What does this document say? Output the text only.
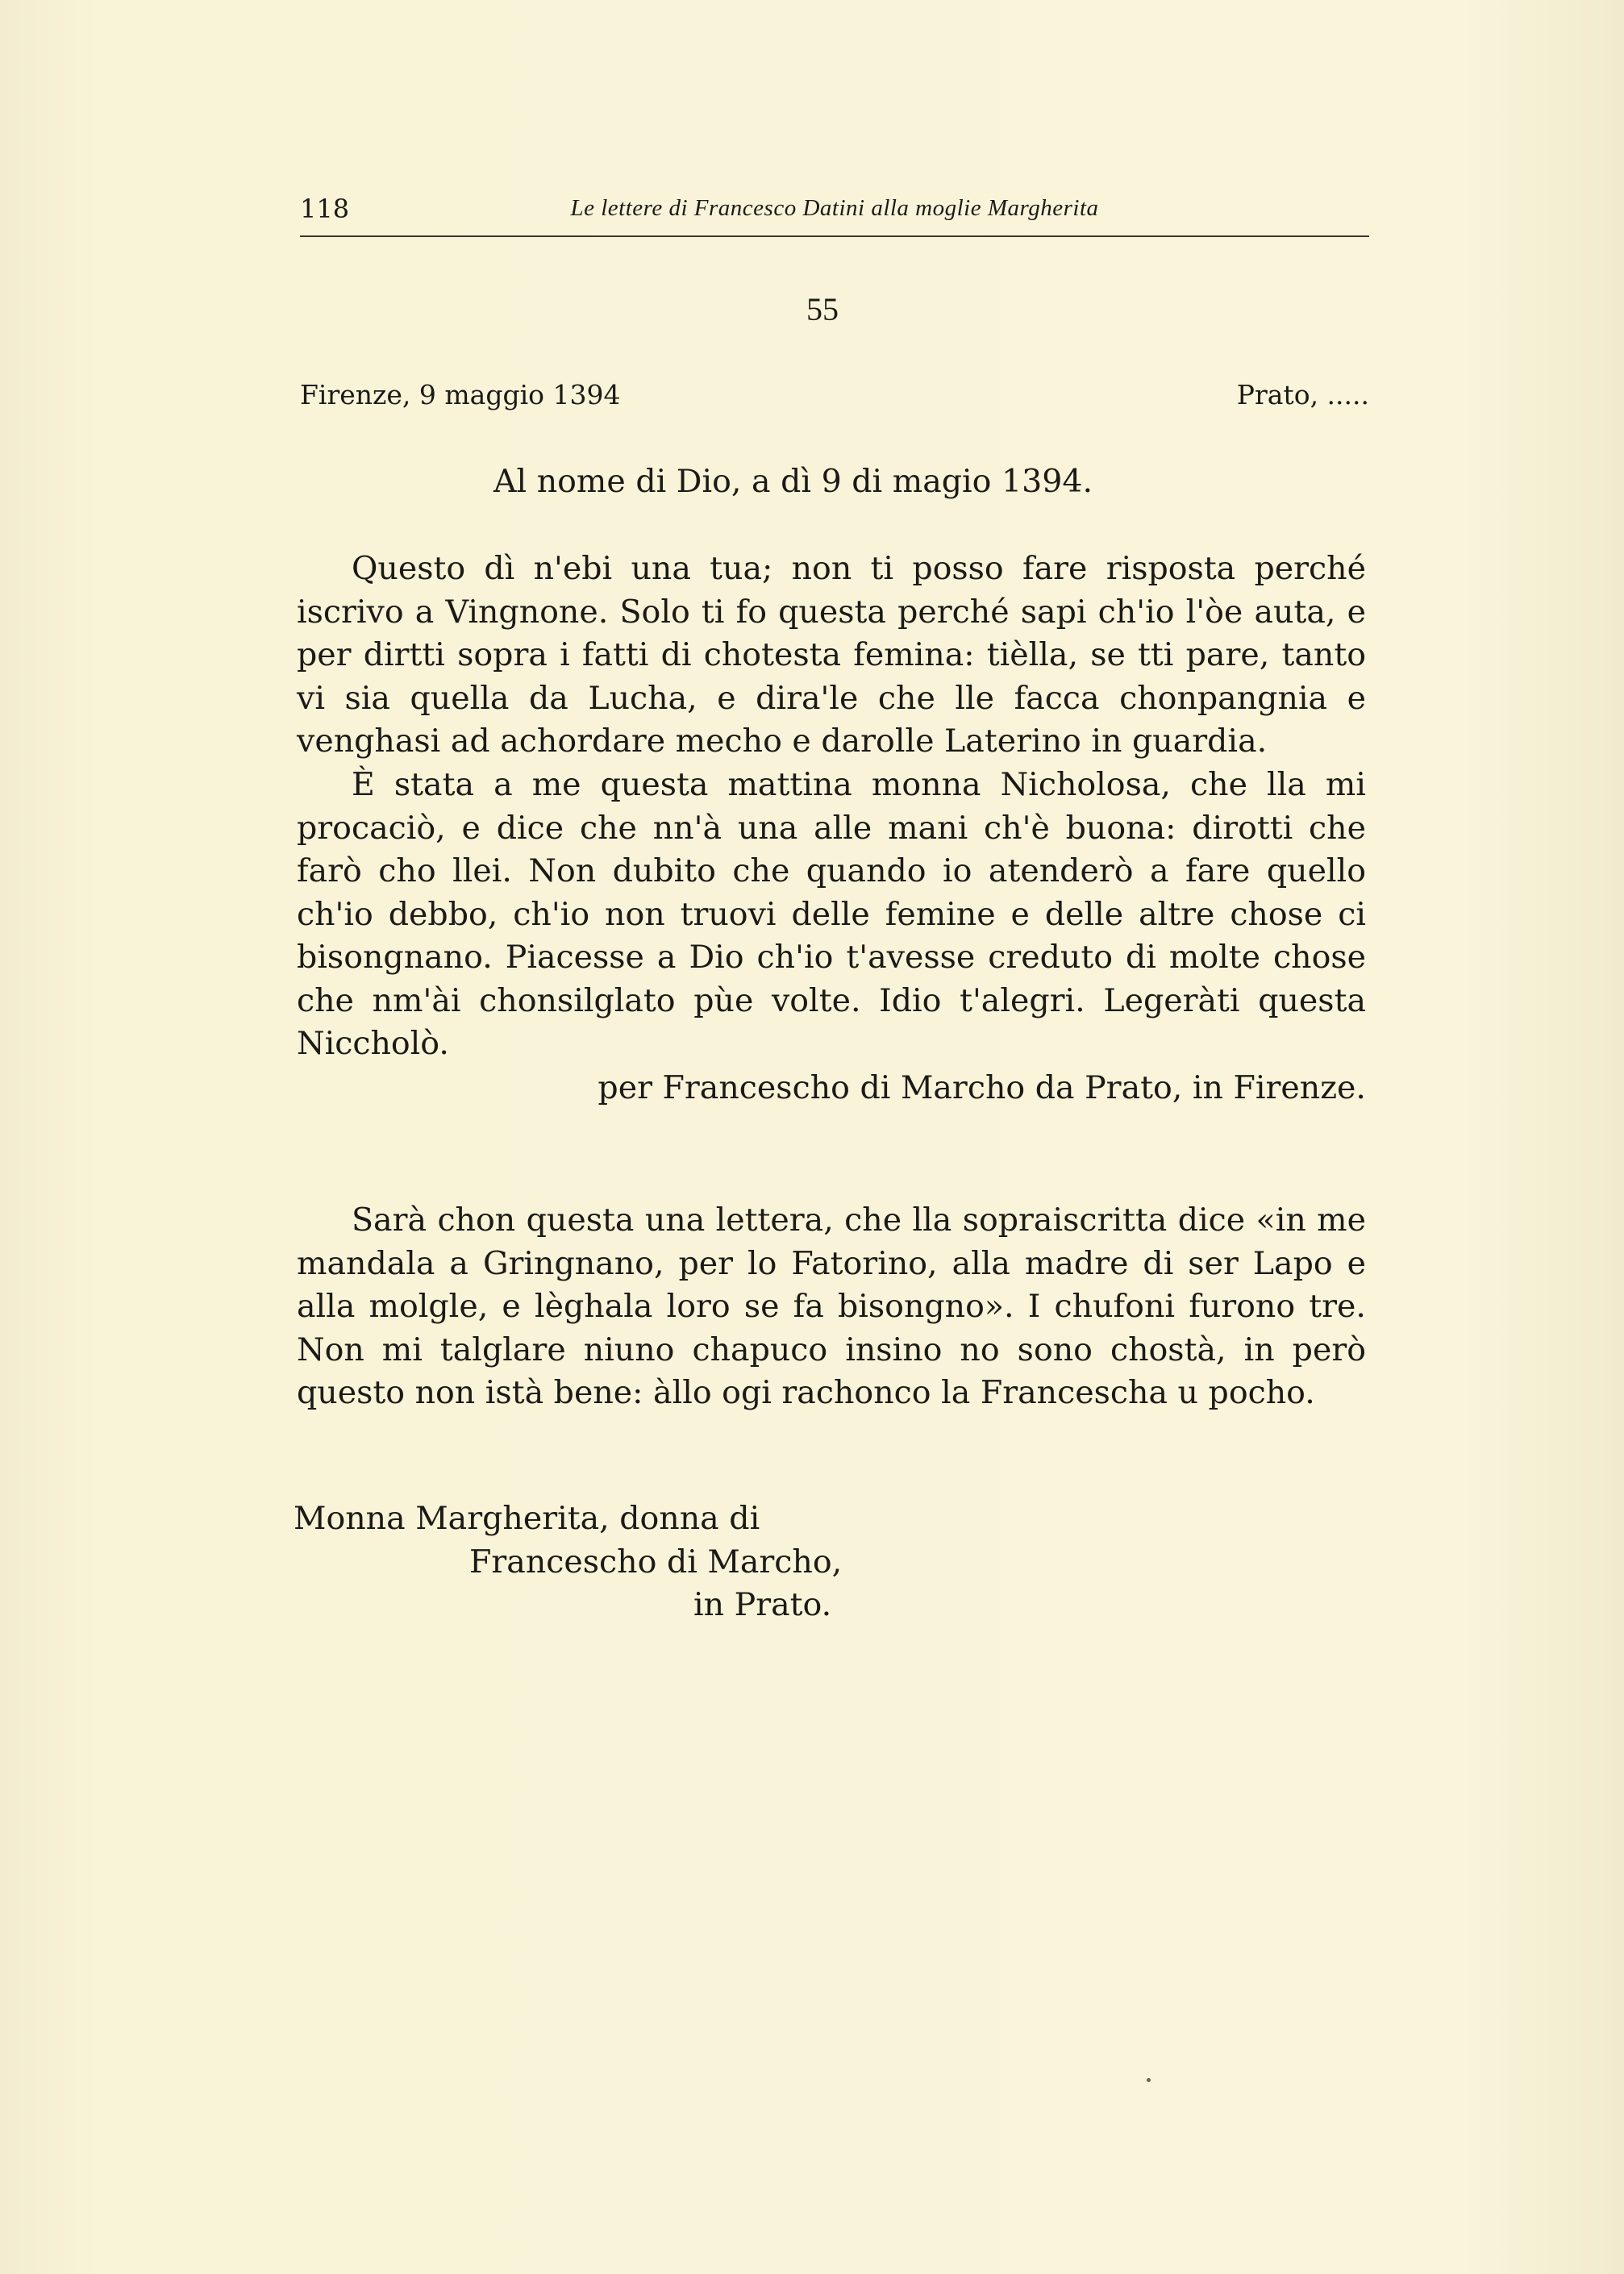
118	Le lettere di Francesco Datini alla moglie Margherita
55
Firenze, 9 maggio 1394	Prato, .....
Al nome di Dio, a dì 9 di magio 1394.
Questo dì n'ebi una tua; non ti posso fare risposta perché iscrivo a Vingnone. Solo ti fo questa perché sapi ch'io l'òe auta, e per dirtti sopra i fatti di chotesta femina: tièlla, se tti pare, tanto vi sia quella da Lucha, e dira'le che lle facca chonpangnia e venghasi ad achordare mecho e darolle Laterino in guardia.
È stata a me questa mattina monna Nicholosa, che lla mi procaciò, e dice che nn'à una alle mani ch'è buona: dirotti che farò cho llei. Non dubito che quando io atenderò a fare quello ch'io debbo, ch'io non truovi delle femine e delle altre chose ci bisongnano. Piacesse a Dio ch'io t'avesse creduto di molte chose che nm'ài chonsilglato pùe volte. Idio t'alegri. Legeràti questa Niccholò.
per Francescho di Marcho da Prato, in Firenze.
Sarà chon questa una lettera, che lla sopraiscritta dice «in me mandala a Gringnano, per lo Fatorino, alla madre di ser Lapo e alla molgle, e lèghala loro se fa bisongno». I chufoni furono tre. Non mi talglare niuno chapuco insino no sono chostà, in però questo non istà bene: àllo ogi rachonco la Francescha u pocho.
Monna Margherita, donna di
Francescho di Marcho,
in Prato.
